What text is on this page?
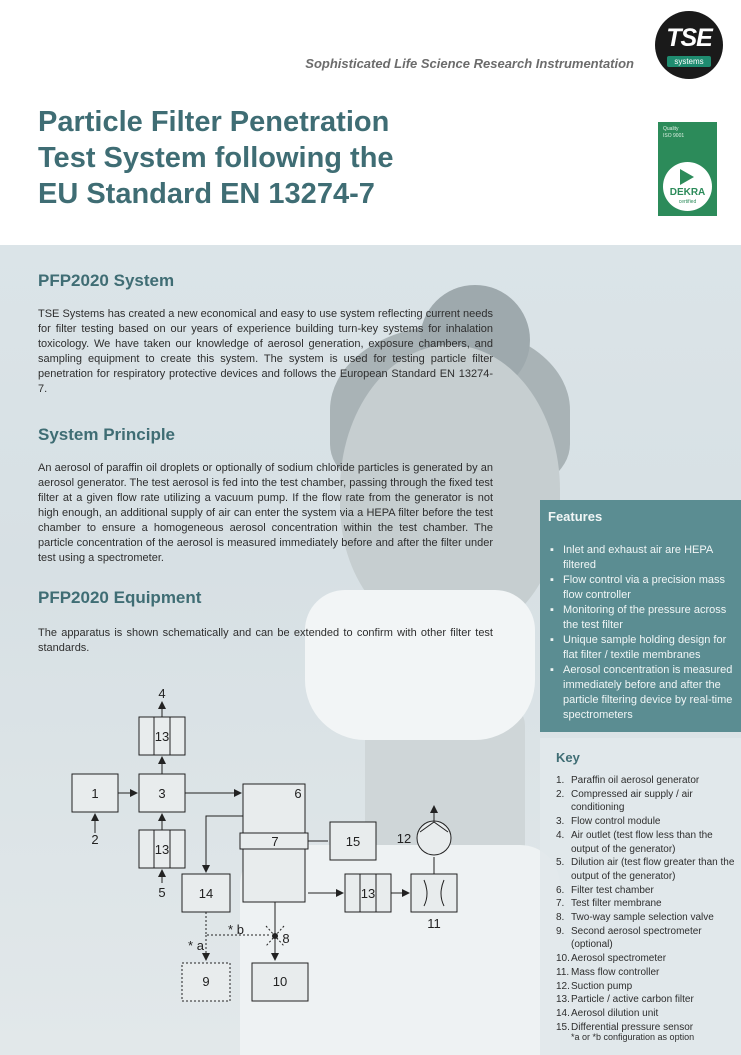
Sophisticated Life Science Research Instrumentation
TSE
systems
Particle Filter Penetration
Test System following the
EU Standard EN 13274-7
Quality
ISO 9001
DEKRA
certified
PFP2020 System
TSE Systems has created a new economical and easy to use system reflecting current needs for filter testing based on our years of experience building turn-key systems for inhalation toxicology. We have taken our knowledge of aerosol generation, exposure chambers, and sampling equipment to create this system. The system is used for testing particle filter penetration for respiratory protective devices and follows the European Standard EN 13274-7.
System Principle
An aerosol of paraffin oil droplets or optionally of sodium chloride particles is generated by an aerosol generator. The test aerosol is fed into the test chamber, passing through the fixed test filter at a given flow rate utilizing a vacuum pump. If the flow rate from the generator is not high enough, an additional supply of air can enter the system via a HEPA filter before the test chamber to ensure a homogeneous aerosol concentration within the test chamber. The particle concentration of the aerosol is measured immediately before and after the filter under test using a spectrometer.
PFP2020 Equipment
The apparatus is shown schematically and can be extended to confirm with other filter test standards.
1
2
3
4
5
6
7
8
9	10
11
12
13
13
13
14
15
* a
* b
Features
▪ Inlet and exhaust air are HEPA filtered
▪ Flow control via a precision mass flow controller
▪ Monitoring of the pressure across the test filter
▪ Unique sample holding design for flat filter / textile membranes
▪ Aerosol concentration is measured immediately before and after the particle filtering device by real-time spectrometers
Key
1. Paraffin oil aerosol generator
2. Compressed air supply / air conditioning
3. Flow control module
4. Air outlet (test flow less than the output of the generator)
5. Dilution air (test flow greater than the output of the generator)
6. Filter test chamber
7. Test filter membrane
8. Two-way sample selection valve
9. Second aerosol spectrometer (optional)
10. Aerosol spectrometer
11. Mass flow controller
12. Suction pump
13. Particle / active carbon filter
14. Aerosol dilution unit
15. Differential pressure sensor
*a or *b configuration as option
